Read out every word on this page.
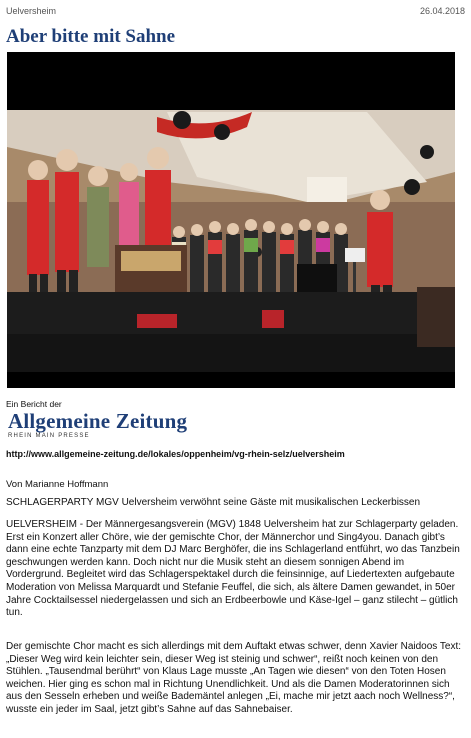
Uelversheim	26.04.2018
Aber bitte mit Sahne
Ein Bericht der
Allgemeine Zeitung
RHEIN MAIN PRESSE
http://www.allgemeine-zeitung.de/lokales/oppenheim/vg-rhein-selz/uelversheim
Von Marianne Hoffmann
SCHLAGERPARTY MGV Uelversheim verwöhnt seine Gäste mit musikalischen Leckerbissen

UELVERSHEIM - Der Männergesangsverein (MGV) 1848 Uelversheim hat zur Schlagerparty geladen. Erst ein Konzert aller Chöre, wie der gemischte Chor, der Männerchor und Sing4you. Danach gibt’s dann eine echte Tanzparty mit dem DJ Marc Berghöfer, die ins Schlagerland entführt, wo das Tanzbein geschwungen werden kann. Doch nicht nur die Musik steht an diesem sonnigen Abend im Vordergrund. Begleitet wird das Schlagerspektakel durch die feinsinnige, auf Liedertexten aufgebaute Moderation von Melissa Marquardt und Stefanie Feuffel, die sich, als ältere Damen gewandet, in 50er Jahre Cocktailsessel niedergelassen und sich an Erdbeerbowle und Käse-Igel – ganz stilecht – gütlich tun.

Der gemischte Chor macht es sich allerdings mit dem Auftakt etwas schwer, denn Xavier Naidoos Text: „Dieser Weg wird kein leichter sein, dieser Weg ist steinig und schwer“, reißt noch keinen von den Stühlen. „Tausendmal berührt“ von Klaus Lage musste „An Tagen wie diesen“ von den Toten Hosen weichen. Hier ging es schon mal in Richtung Unendlichkeit. Und als die Damen Moderatorinnen sich aus den Sesseln erheben und weiße Bademäntel anlegen „Ei, mache mir jetzt aach noch Wellness?“, wusste ein jeder im Saal, jetzt gibt’s Sahne auf das Sahnebaiser.
